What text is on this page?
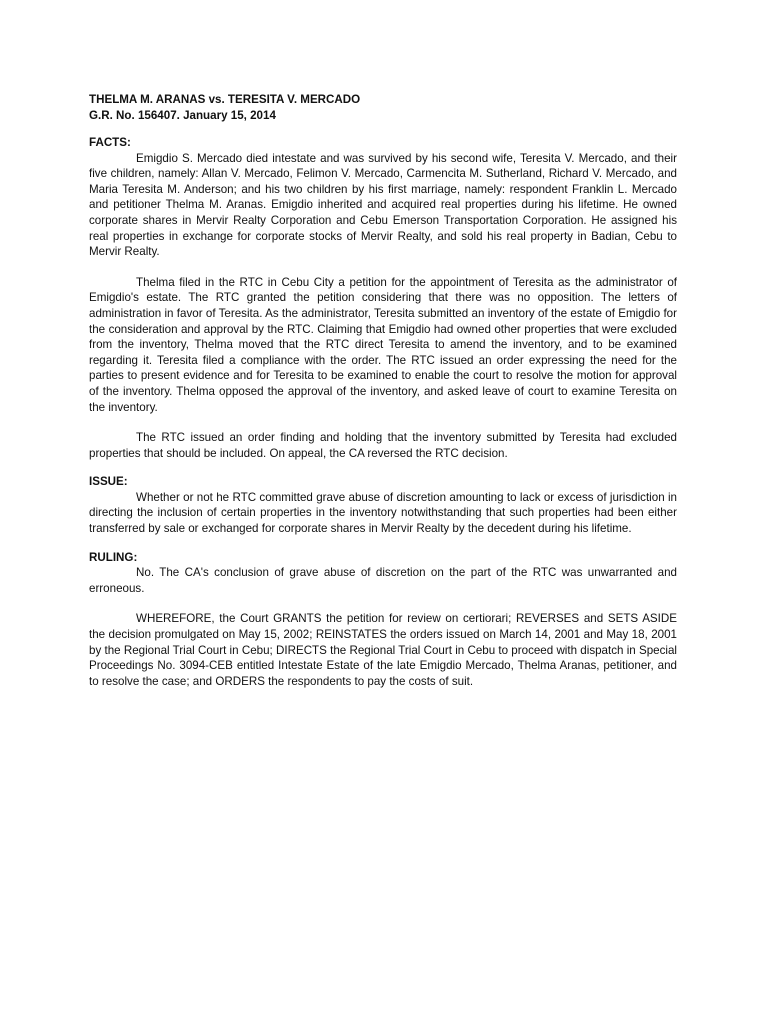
THELMA M. ARANAS vs. TERESITA V. MERCADO

G.R. No. 156407. January 15, 2014

FACTS:

Emigdio S. Mercado died intestate and was survived by his second wife, Teresita V. Mercado, and their five children, namely: Allan V. Mercado, Felimon V. Mercado, Carmencita M. Sutherland, Richard V. Mercado, and Maria Teresita M. Anderson; and his two children by his first marriage, namely: respondent Franklin L. Mercado and petitioner Thelma M. Aranas. Emigdio inherited and acquired real properties during his lifetime. He owned corporate shares in Mervir Realty Corporation and Cebu Emerson Transportation Corporation. He assigned his real properties in exchange for corporate stocks of Mervir Realty, and sold his real property in Badian, Cebu to Mervir Realty.

Thelma filed in the RTC in Cebu City a petition for the appointment of Teresita as the administrator of Emigdio's estate. The RTC granted the petition considering that there was no opposition. The letters of administration in favor of Teresita. As the administrator, Teresita submitted an inventory of the estate of Emigdio for the consideration and approval by the RTC. Claiming that Emigdio had owned other properties that were excluded from the inventory, Thelma moved that the RTC direct Teresita to amend the inventory, and to be examined regarding it. Teresita filed a compliance with the order. The RTC issued an order expressing the need for the parties to present evidence and for Teresita to be examined to enable the court to resolve the motion for approval of the inventory. Thelma opposed the approval of the inventory, and asked leave of court to examine Teresita on the inventory.

The RTC issued an order finding and holding that the inventory submitted by Teresita had excluded properties that should be included. On appeal, the CA reversed the RTC decision.

ISSUE:

Whether or not he RTC committed grave abuse of discretion amounting to lack or excess of jurisdiction in directing the inclusion of certain properties in the inventory notwithstanding that such properties had been either transferred by sale or exchanged for corporate shares in Mervir Realty by the decedent during his lifetime.

RULING:

No. The CA's conclusion of grave abuse of discretion on the part of the RTC was unwarranted and erroneous.

WHEREFORE, the Court GRANTS the petition for review on certiorari; REVERSES and SETS ASIDE the decision promulgated on May 15, 2002; REINSTATES the orders issued on March 14, 2001 and May 18, 2001 by the Regional Trial Court in Cebu; DIRECTS the Regional Trial Court in Cebu to proceed with dispatch in Special Proceedings No. 3094-CEB entitled Intestate Estate of the late Emigdio Mercado, Thelma Aranas, petitioner, and to resolve the case; and ORDERS the respondents to pay the costs of suit.
